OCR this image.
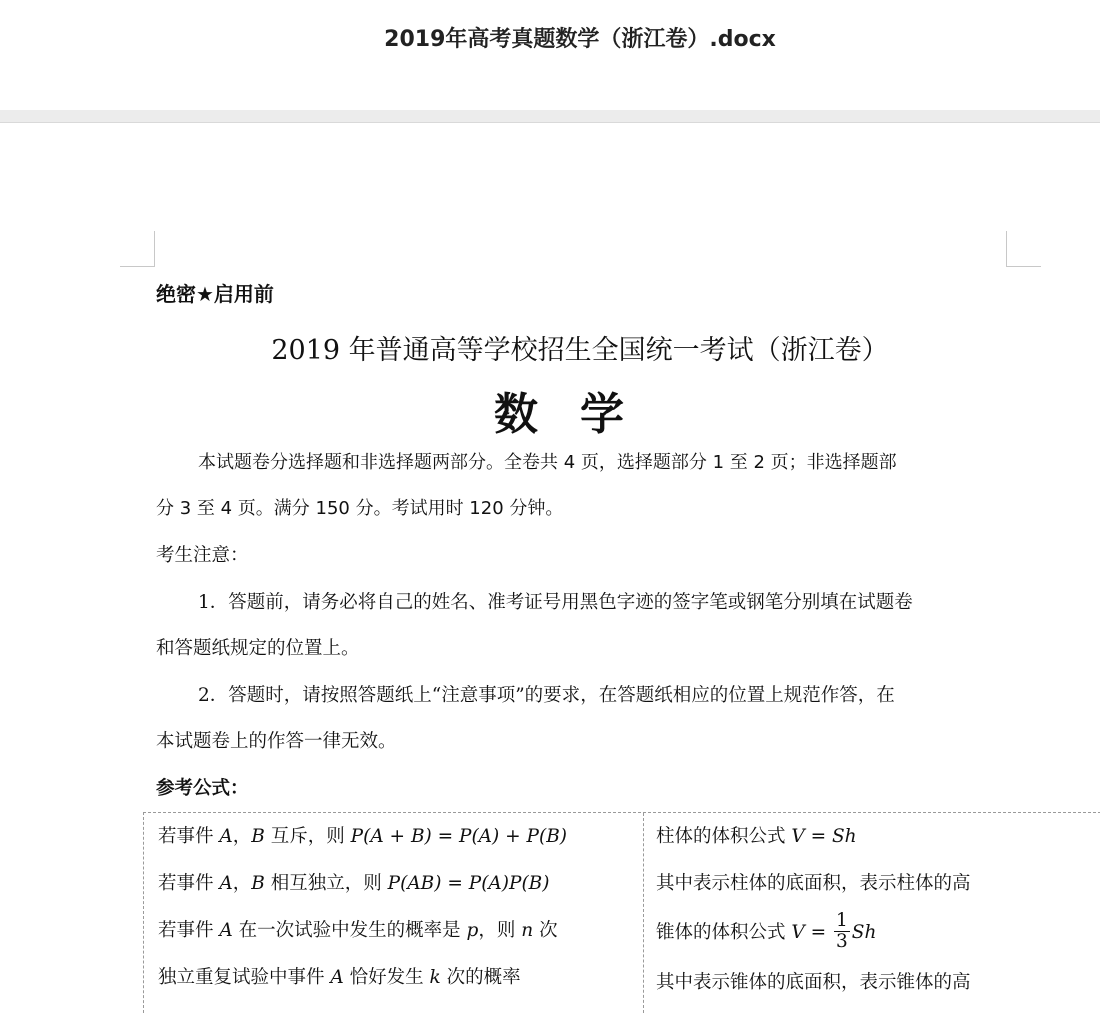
2019年高考真题数学（浙江卷）.docx
绝密★启用前
2019 年普通高等学校招生全国统一考试（浙江卷）
数学
本试题卷分选择题和非选择题两部分。全卷共 4 页，选择题部分 1 至 2 页；非选择题部
分 3 至 4 页。满分 150 分。考试用时 120 分钟。
考生注意：
1．答题前，请务必将自己的姓名、准考证号用黑色字迹的签字笔或钢笔分别填在试题卷
和答题纸规定的位置上。
2．答题时，请按照答题纸上“注意事项”的要求，在答题纸相应的位置上规范作答，在
本试题卷上的作答一律无效。
参考公式：
若事件 A，B 互斥，则 P(A + B) = P(A) + P(B)
若事件 A，B 相互独立，则 P(AB) = P(A)P(B)
若事件 A 在一次试验中发生的概率是 p，则 n 次
独立重复试验中事件 A 恰好发生 k 次的概率
柱体的体积公式 V = Sh
其中表示柱体的底面积，表示柱体的高
锥体的体积公式 $V = \frac{1}{3}$ Sh
其中表示锥体的底面积，表示锥体的高
